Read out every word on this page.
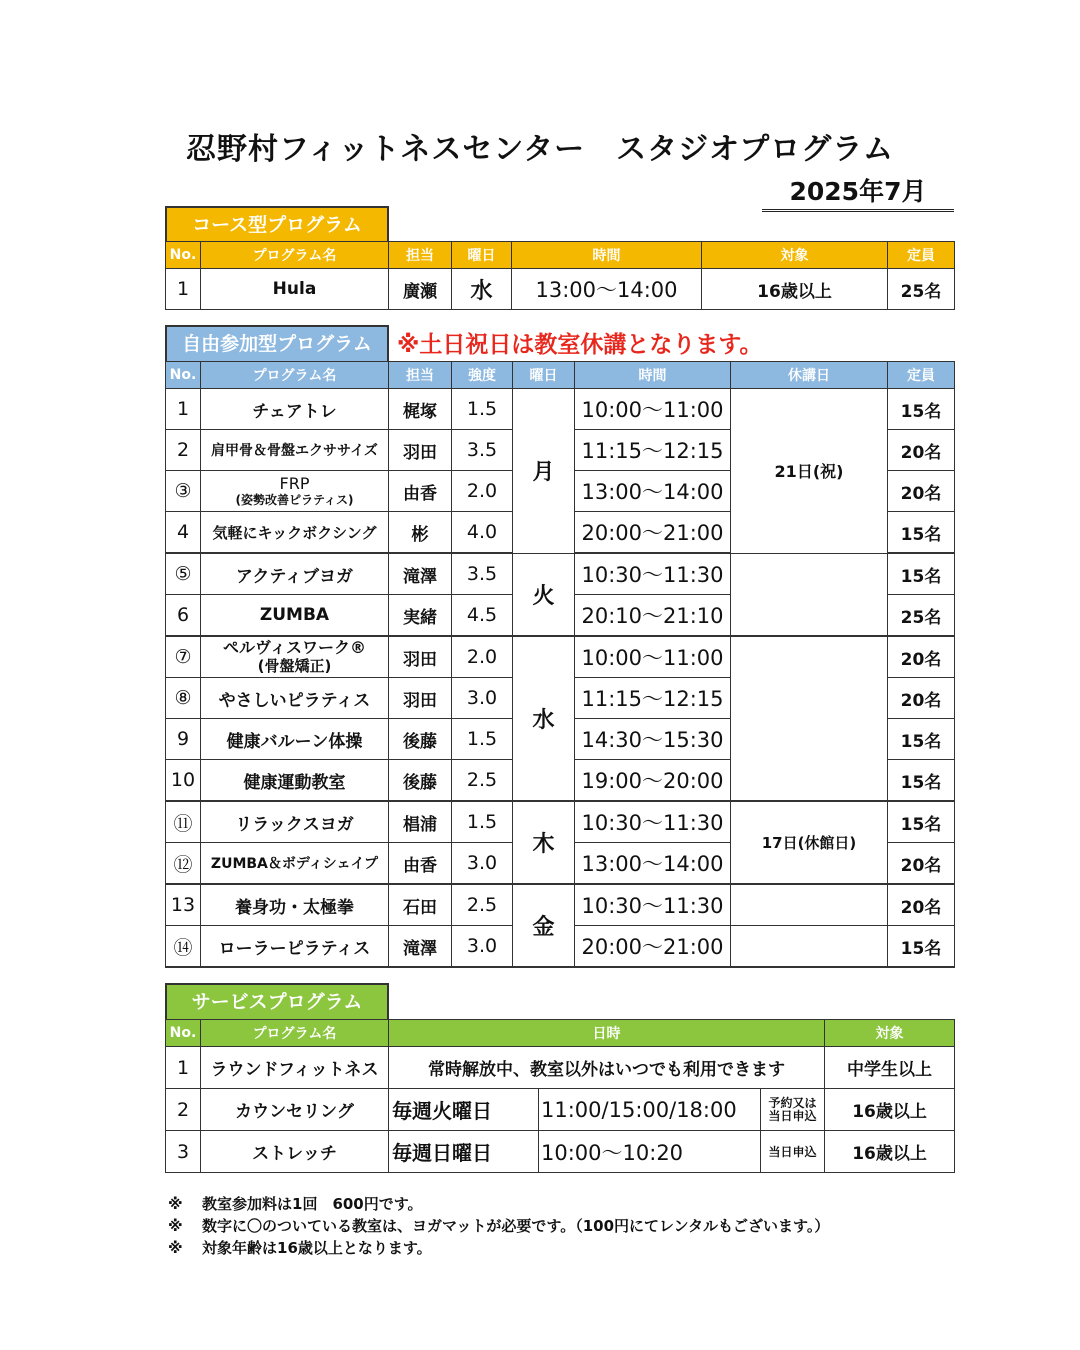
忍野村フィットネスセンター　スタジオプログラム
2025年7月
コース型プログラム
No.	プログラム名	担当	曜日	時間	対象	定員
1	Hula	廣瀬	水	13:00～14:00	16歳以上	25名
自由参加型プログラム	※土日祝日は教室休講となります。
No.	プログラム名	担当	強度	曜日	時間	休講日	定員
1	チェアトレ	梶塚	1.5	月	10:00～11:00	21日(祝)	15名
2	肩甲骨＆骨盤エクササイズ	羽田	3.5		11:15～12:15		20名
③	FRP
(姿勢改善ピラティス)	由香	2.0		13:00～14:00		20名
4	気軽にキックボクシング	彬	4.0		20:00～21:00		15名
⑤	アクティブヨガ	滝澤	3.5	火	10:30～11:30		15名
6	ZUMBA	実緒	4.5		20:10～21:10		25名
⑦	ペルヴィスワーク®
(骨盤矯正)	羽田	2.0	水	10:00～11:00		20名
⑧	やさしいピラティス	羽田	3.0		11:15～12:15		20名
9	健康バルーン体操	後藤	1.5		14:30～15:30		15名
10	健康運動教室	後藤	2.5		19:00～20:00		15名
⑪	リラックスヨガ	椙浦	1.5	木	10:30～11:30	17日(休館日)	15名
⑫	ZUMBA＆ボディシェイプ	由香	3.0		13:00～14:00		20名
13	養身功・太極拳	石田	2.5	金	10:30～11:30		20名
⑭	ローラーピラティス	滝澤	3.0		20:00～21:00		15名
サービスプログラム
No.	プログラム名	日時			対象
1	ラウンドフィットネス	常時解放中、教室以外はいつでも利用できます			中学生以上
2	カウンセリング	毎週火曜日	11:00/15:00/18:00	予約又は当日申込	16歳以上
3	ストレッチ	毎週日曜日	10:00～10:20	当日申込	16歳以上
※ 教室参加料は1回　600円です。
※ 数字に〇のついている教室は、ヨガマットが必要です。（100円にてレンタルもございます。）
※ 対象年齢は16歳以上となります。
